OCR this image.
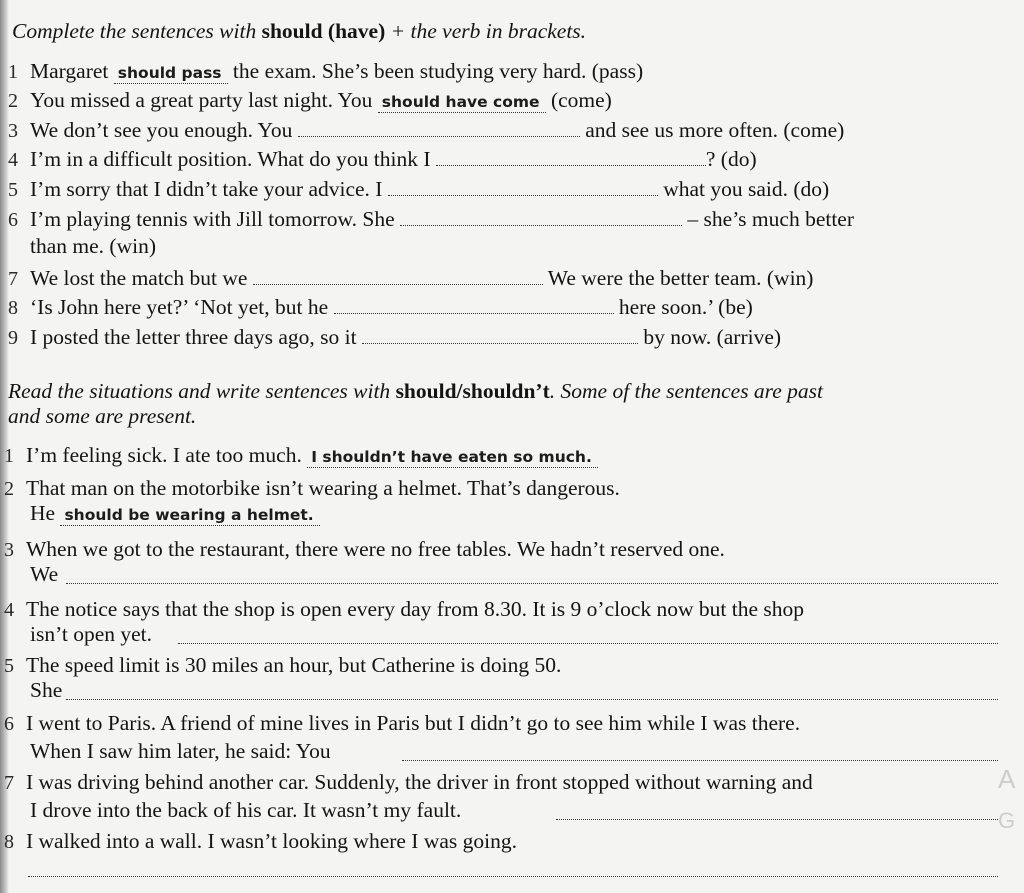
Complete the sentences with should (have) + the verb in brackets.
1 Margaret should pass the exam. She’s been studying very hard. (pass)
2 You missed a great party last night. You should have come (come)
3 We don’t see you enough. You	and see us more often. (come)
4 I’m in a difficult position. What do you think I	? (do)
5 I’m sorry that I didn’t take your advice. I	what you said. (do)
6 I’m playing tennis with Jill tomorrow. She	– she’s much better
than me. (win)
7 We lost the match but we	We were the better team. (win)
8 ‘Is John here yet?’ ‘Not yet, but he	here soon.’ (be)
9 I posted the letter three days ago, so it	by now. (arrive)
Read the situations and write sentences with should/shouldn’t. Some of the sentences are past
and some are present.
1 I’m feeling sick. I ate too much. I shouldn’t have eaten so much.
2 That man on the motorbike isn’t wearing a helmet. That’s dangerous.
He should be wearing a helmet.
3 When we got to the restaurant, there were no free tables. We hadn’t reserved one.
We
4 The notice says that the shop is open every day from 8.30. It is 9 o’clock now but the shop
isn’t open yet.
5 The speed limit is 30 miles an hour, but Catherine is doing 50.
She
6 I went to Paris. A friend of mine lives in Paris but I didn’t go to see him while I was there.
When I saw him later, he said: You
7 I was driving behind another car. Suddenly, the driver in front stopped without warning and
I drove into the back of his car. It wasn’t my fault.
8 I walked into a wall. I wasn’t looking where I was going.
A
G
